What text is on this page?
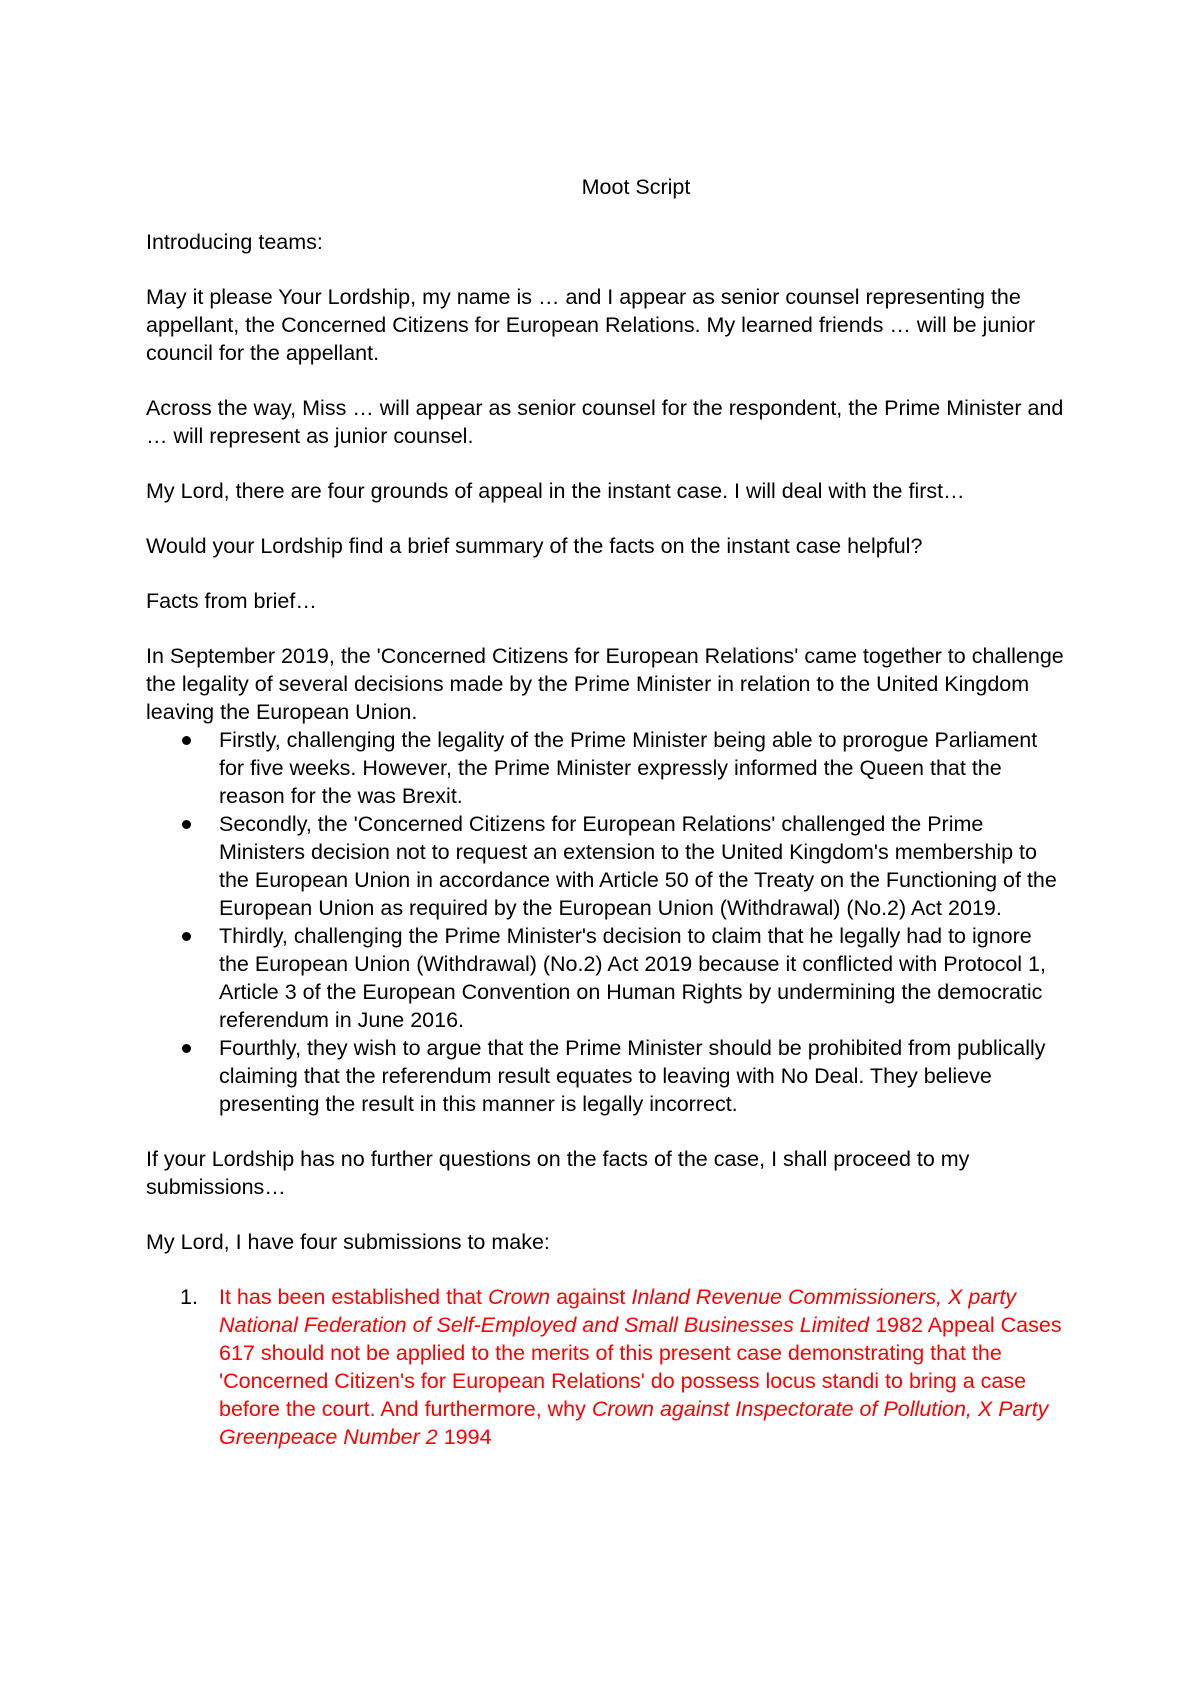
Moot Script

Introducing teams:

May it please Your Lordship, my name is … and I appear as senior counsel representing the appellant, the Concerned Citizens for European Relations. My learned friends … will be junior council for the appellant.

Across the way, Miss … will appear as senior counsel for the respondent, the Prime Minister and … will represent as junior counsel.

My Lord, there are four grounds of appeal in the instant case. I will deal with the first…

Would your Lordship find a brief summary of the facts on the instant case helpful?

Facts from brief…

In September 2019, the 'Concerned Citizens for European Relations' came together to challenge the legality of several decisions made by the Prime Minister in relation to the United Kingdom leaving the European Union.

Firstly, challenging the legality of the Prime Minister being able to prorogue Parliament for five weeks. However, the Prime Minister expressly informed the Queen that the reason for the was Brexit.
Secondly, the 'Concerned Citizens for European Relations' challenged the Prime Ministers decision not to request an extension to the United Kingdom's membership to the European Union in accordance with Article 50 of the Treaty on the Functioning of the European Union as required by the European Union (Withdrawal) (No.2) Act 2019.
Thirdly, challenging the Prime Minister's decision to claim that he legally had to ignore the European Union (Withdrawal) (No.2) Act 2019 because it conflicted with Protocol 1, Article 3 of the European Convention on Human Rights by undermining the democratic referendum in June 2016.
Fourthly, they wish to argue that the Prime Minister should be prohibited from publically claiming that the referendum result equates to leaving with No Deal. They believe presenting the result in this manner is legally incorrect.

If your Lordship has no further questions on the facts of the case, I shall proceed to my submissions…

My Lord, I have four submissions to make:

1. It has been established that Crown against Inland Revenue Commissioners, X party National Federation of Self-Employed and Small Businesses Limited 1982 Appeal Cases 617 should not be applied to the merits of this present case demonstrating that the 'Concerned Citizen's for European Relations' do possess locus standi to bring a case before the court. And furthermore, why Crown against Inspectorate of Pollution, X Party Greenpeace Number 2 1994
